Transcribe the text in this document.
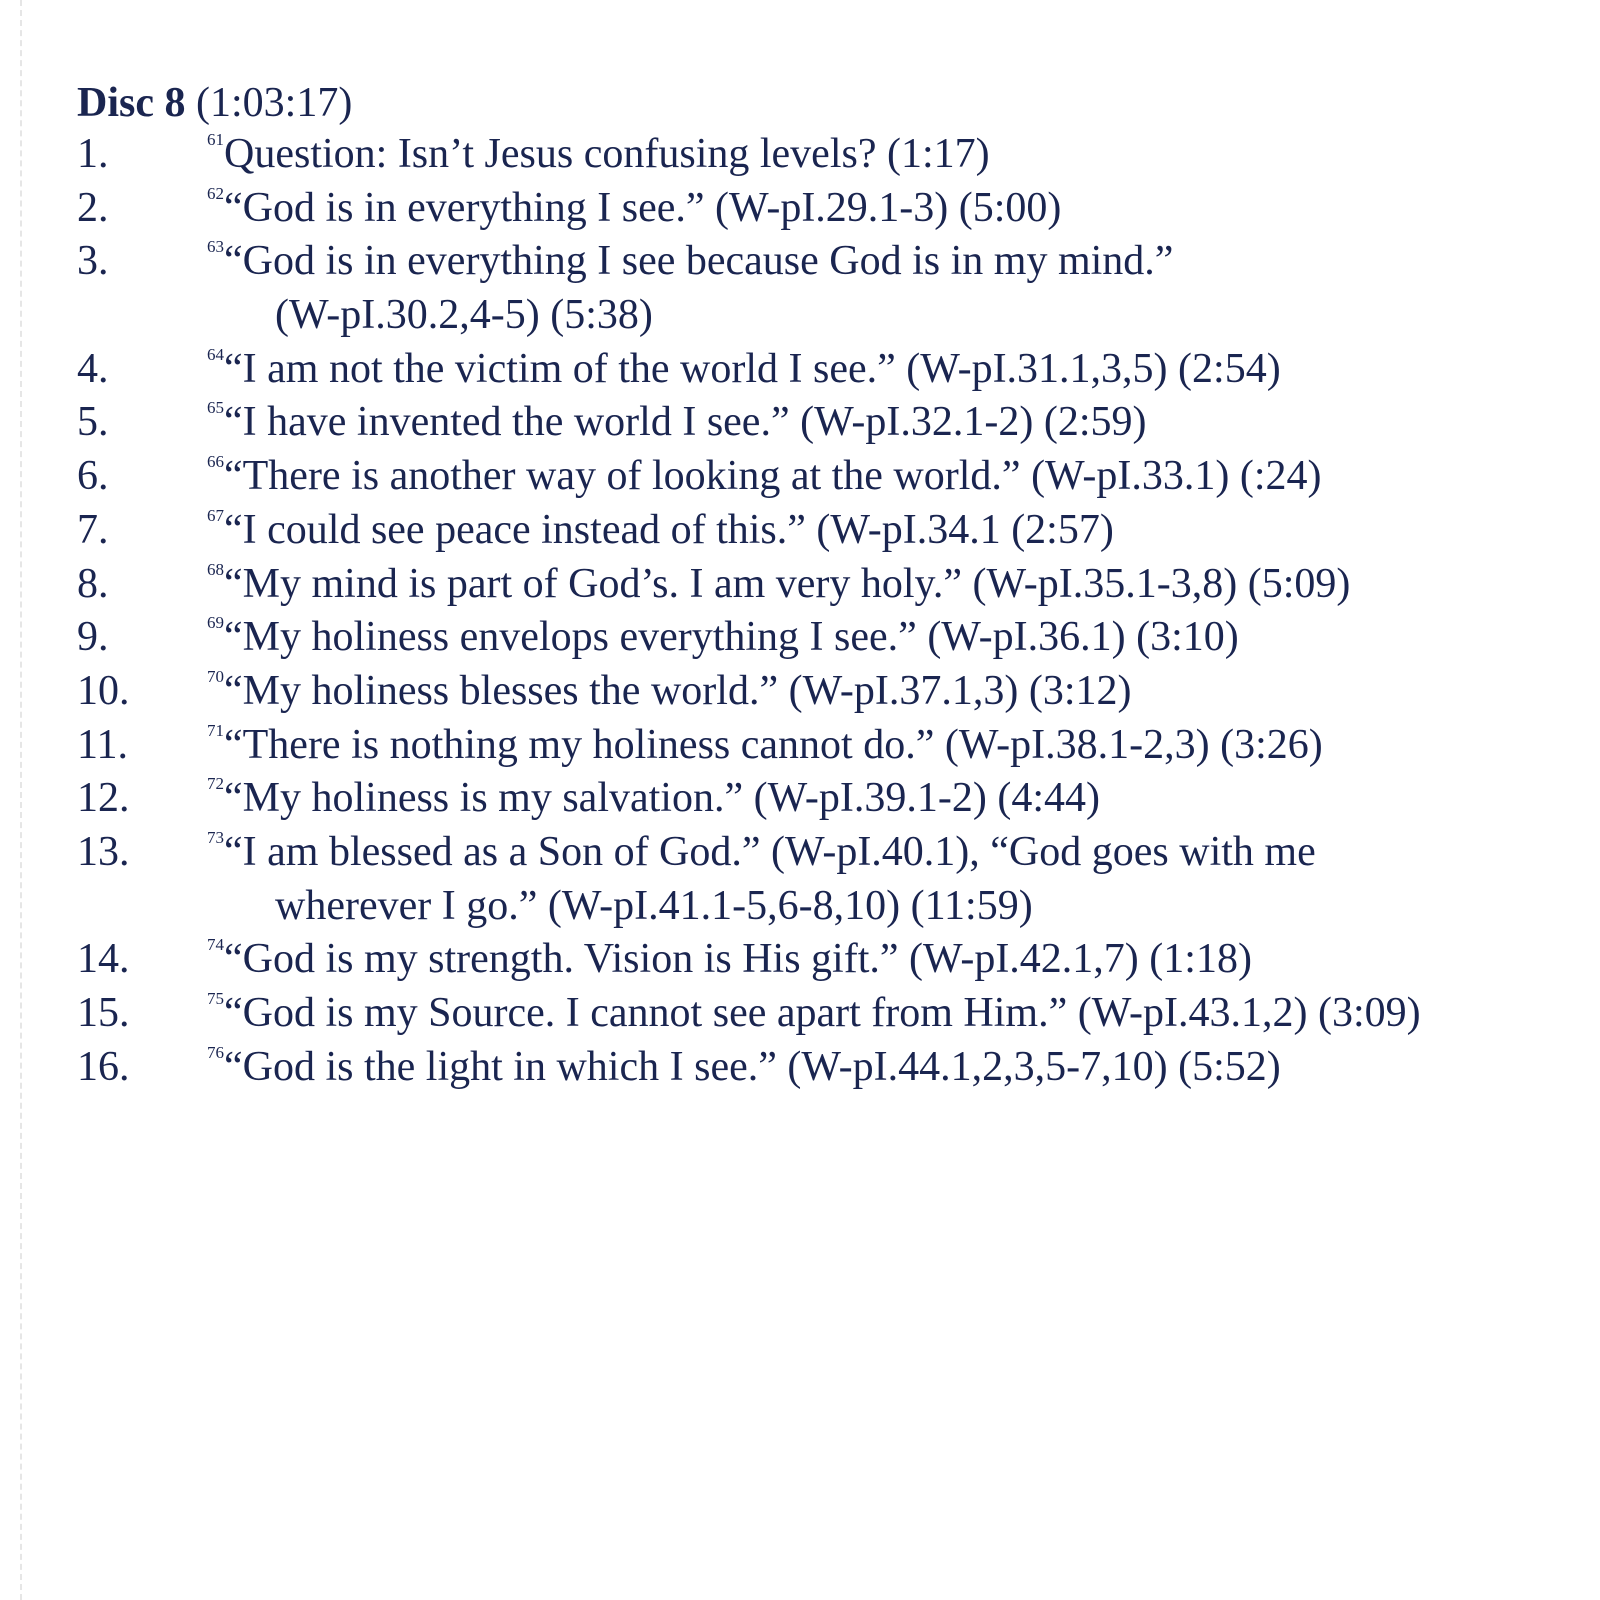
Disc 8 (1:03:17)
1.	$^{61}$Question: Isn’t Jesus confusing levels? (1:17)
2.	$^{62}$“God is in everything I see.” (W-pI.29.1-3) (5:00)
3.	$^{63}$“God is in everything I see because God is in my mind.”
(W-pI.30.2,4-5) (5:38)
4.	$^{64}$“I am not the victim of the world I see.” (W-pI.31.1,3,5) (2:54)
5.	$^{65}$“I have invented the world I see.” (W-pI.32.1-2) (2:59)
6.	$^{66}$“There is another way of looking at the world.” (W-pI.33.1) (:24)
7.	$^{67}$“I could see peace instead of this.” (W-pI.34.1 (2:57)
8.	$^{68}$“My mind is part of God’s. I am very holy.” (W-pI.35.1-3,8) (5:09)
9.	$^{69}$“My holiness envelops everything I see.” (W-pI.36.1) (3:10)
10.	$^{70}$“My holiness blesses the world.” (W-pI.37.1,3) (3:12)
11.	$^{71}$“There is nothing my holiness cannot do.” (W-pI.38.1-2,3) (3:26)
12.	$^{72}$“My holiness is my salvation.” (W-pI.39.1-2) (4:44)
13.	$^{73}$“I am blessed as a Son of God.” (W-pI.40.1), “God goes with me
wherever I go.” (W-pI.41.1-5,6-8,10) (11:59)
14.	$^{74}$“God is my strength. Vision is His gift.” (W-pI.42.1,7) (1:18)
15.	$^{75}$“God is my Source. I cannot see apart from Him.” (W-pI.43.1,2) (3:09)
16.	$^{76}$“God is the light in which I see.” (W-pI.44.1,2,3,5-7,10) (5:52)
